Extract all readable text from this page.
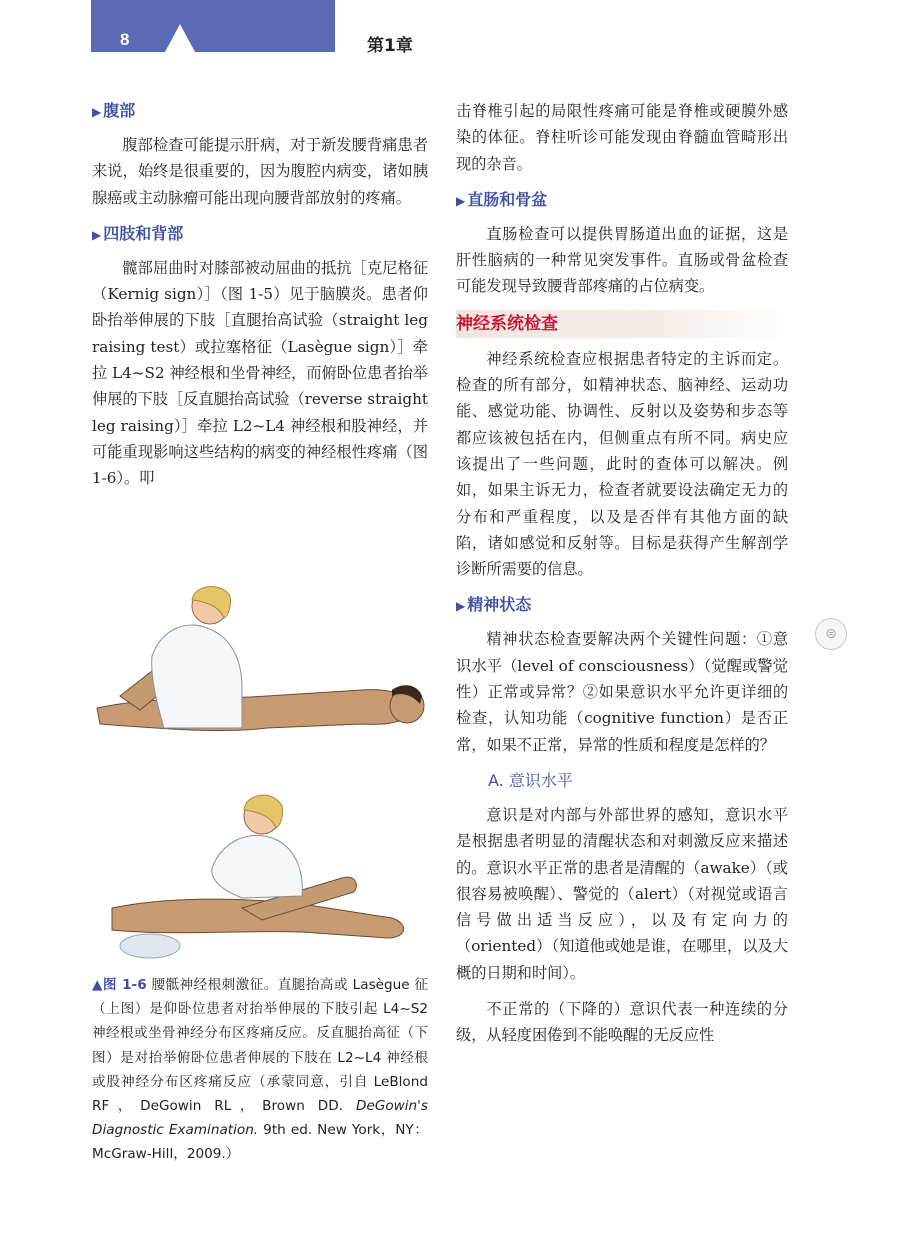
8	第1章
▶ 腹部

腹部检查可能提示肝病，对于新发腰背痛患者来说，始终是很重要的，因为腹腔内病变，诸如胰腺癌或主动脉瘤可能出现向腰背部放射的疼痛。

▶ 四肢和背部

髋部屈曲时对膝部被动屈曲的抵抗［克尼格征（Kernig sign）］（图 1-5）见于脑膜炎。患者仰卧抬举伸展的下肢［直腿抬高试验（straight leg raising test）或拉塞格征（Lasègue sign）］牵拉 L4~S2 神经根和坐骨神经，而俯卧位患者抬举伸展的下肢［反直腿抬高试验（reverse straight leg raising）］牵拉 L2~L4 神经根和股神经，并可能重现影响这些结构的病变的神经根性疼痛（图 1-6）。叩

▲图 1-6 腰骶神经根刺激征。直腿抬高或 Lasègue 征（上图）是仰卧位患者对抬举伸展的下肢引起 L4~S2 神经根或坐骨神经分布区疼痛反应。反直腿抬高征（下图）是对抬举俯卧位患者伸展的下肢在 L2~L4 神经根或股神经分布区疼痛反应（承蒙同意，引自 LeBlond RF，DeGowin RL，Brown DD. DeGowin's Diagnostic Examination. 9th ed. New York，NY：McGraw-Hill，2009.）

击脊椎引起的局限性疼痛可能是脊椎或硬膜外感染的体征。脊柱听诊可能发现由脊髓血管畸形出现的杂音。

▶ 直肠和骨盆

直肠检查可以提供胃肠道出血的证据，这是肝性脑病的一种常见突发事件。直肠或骨盆检查可能发现导致腰背部疼痛的占位病变。

神经系统检查

神经系统检查应根据患者特定的主诉而定。检查的所有部分，如精神状态、脑神经、运动功能、感觉功能、协调性、反射以及姿势和步态等都应该被包括在内，但侧重点有所不同。病史应该提出了一些问题，此时的查体可以解决。例如，如果主诉无力，检查者就要设法确定无力的分布和严重程度，以及是否伴有其他方面的缺陷，诸如感觉和反射等。目标是获得产生解剖学诊断所需要的信息。

▶ 精神状态

精神状态检查要解决两个关键性问题：①意识水平（level of consciousness）（觉醒或警觉性）正常或异常？②如果意识水平允许更详细的检查，认知功能（cognitive function）是否正常，如果不正常，异常的性质和程度是怎样的？

A. 意识水平

意识是对内部与外部世界的感知，意识水平是根据患者明显的清醒状态和对刺激反应来描述的。意识水平正常的患者是清醒的（awake）（或很容易被唤醒）、警觉的（alert）（对视觉或语言信号做出适当反应），以及有定向力的（oriented）（知道他或她是谁，在哪里，以及大概的日期和时间）。

不正常的（下降的）意识代表一种连续的分级，从轻度困倦到不能唤醒的无反应性

⊜
